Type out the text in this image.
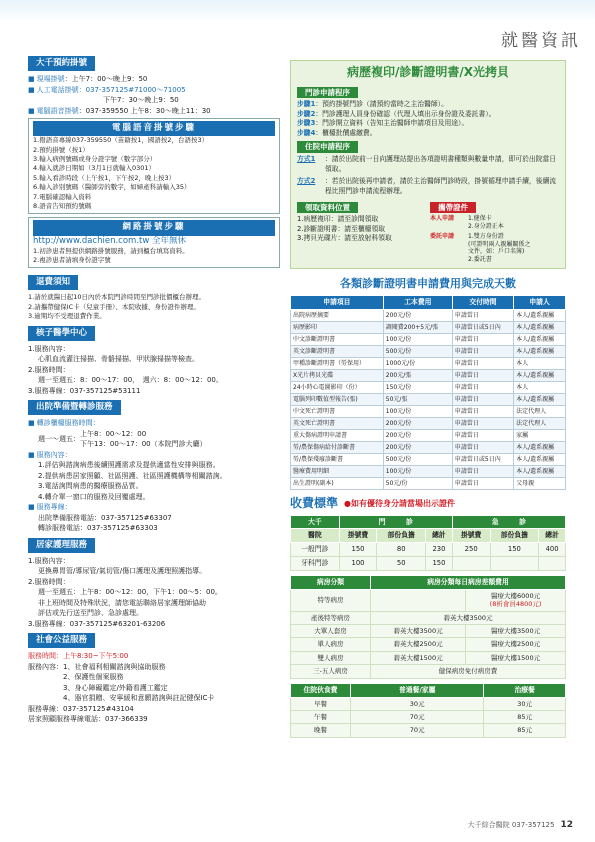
就醫資訊
大千預約掛號
■ 現場掛號：上午7：00～晚上9：50
■ 人工電話掛號：037-357125#71000～71005
下午7：30～晚上9：50
■ 電腦語音掛號：037-359550 上午8：30～晚上11：30
電腦語音掛號步驟
1.撥語音專線037-359550（苗籍按1，國語按2，台語按3）
2.預約掛號（按1）
3.輸入病例號碼或身分證字號（數字部分）
4.輸入就診日期如（3月1日就輸入0301）
5.輸入看診時段（上午按1，下午按2，晚上按3）
6.輸入診別號碼（醫師旁的數字，如婦產科請輸入35）
7.電腦確認輸入資料
8.語音告知預約號碼
網路掛號步驟
http://www.dachien.com.tw 全年無休
1.初診患者無提供網路掛號服務，請到櫃台填寫資料。
2.複診患者請填身份證字號
退費須知
1.請於就醫日起10日內於本院門診時間至門診批價櫃台辦理。
2.請攜帶健保IC卡（兒童手冊）、本院收據、身份證件辦理。
3.逾期均不受理退費作業。
核子醫學中心
1.服務內容：
心肌血流灌注掃描、骨骼掃描、甲狀腺掃描等檢查。
2.服務時間：
週一至週五：8：00～17：00，　週六：8：00～12：00。
3.服務專線：037-357125#53111
出院準備暨轉診服務
■ 轉診櫃檯服務時間：
週一～週五：
上午8：00～12：00
下午13：00～17：00（本院門診大廳）
■ 服務內容：
1.評估與諮詢病患後續照護需求及提供適當性安排與服務。
2.提供病患居家照顧、社區照護、社區照護機構等相關諮詢。
3.電話詢問病患的醫療服務品質。
4.轉介單一窗口的服務及回覆處理。
■ 服務專線：
出院準備服務電話：037-357125#63307
轉診服務電話：037-357125#63303
居家護理服務
1.服務內容：
更換鼻胃管/導尿管/氣切管/傷口護理及護理照護指導。
2.服務時間：
週一至週五：上午8：00～12：00，下午1：00～5：00。
非上班時間及特殊狀況，請您電話聯絡居家護理師協助
評估或先行送至門診、急診處理。
3.服務專線：037-357125#63201-63206
社會公益服務
服務時間：上午8:30~下午5:00
服務內容： 1、社會福利相關諮詢與協助服務
2、保護性個案服務
3、身心障礙鑑定/外籍看護工鑑定
4、器官捐贈、安寧緩和意願諮詢與註記健保IC卡
服務專線：037-357125#43104
居家照顧服務專線電話：037-366339
病歷複印/診斷證明書/X光拷貝
門診申請程序
步驟1：預約掛號門診（請預約當時之主治醫師）。
步驟2：門診護理人員身份確認（代理人填出示身份證及委託書）。
步驟3：門診開立資料（告知主治醫師申請項目及用途）。
步驟4：櫃檯批價處繳費。
住院申請程序
方式1	：請於出院前一日向護理站提出各項證明書種類與數量申請，即可於出院當日領取。
方式2	：若於出院後再申請者，請於主治醫師門診時段，掛號循理申請手續，後續流程比照門診申請流程辦理。
領取資料位置
1.病歷複印：請至診間領取
2.診斷證明書：請至櫃檯領取
3.拷貝光碟片：請至放射科領取
攜帶證件
本人申請	1.健保卡
2.身分證正本
委託申請	1.雙方身份證
(可證明兩人親屬關係之
文件，如：戶口名簿)
2.委託書
各類診斷證明書申請費用與完成天數
申請項目	工本費用	交付時間	申請人
出院病歷摘要	200元/份	申請當日	本人/遺系親屬
病歷影印	調閱費200+5元/張	申請當日或5日內	本人/遺系親屬
中文診斷證明書	100元/份	申請當日	本人/遺系親屬
英文診斷證明書	500元/份	申請當日	本人/遺系親屬
甲種診斷證明書（勞保用）	1000元/份	申請當日	本人
X光片拷貝光碟	200元/張	申請當日	本人/遺系親屬
24小時心電圖影印（份）	150元/份	申請當日	本人
電腦列印數值型報告(張)	50元/張	申請當日	本人/遺系親屬
中文死亡證明書	100元/份	申請當日	法定代理人
英文死亡證明書	200元/份	申請當日	法定代理人
重大傷病證明申請書	200元/份	申請當日	家屬
勞/農保傷病給付診斷書	200元/份	申請當日	本人/遺系親屬
勞/農保殘廢診斷書	500元/份	申請當日或5日內	本人/遺系親屬
醫療費用明細	100元/份	申請當日	本人/遺系親屬
出生證明(副本)	50元/份	申請當日	父母親
收費標準 ●如有優待身分請當場出示證件
大千	門　　　 診			急　　　 診		
醫院	掛號費	部份負擔	總計	掛號費	部份負擔	總計
一般門診	150	80	230	250	150	400
牙科門診	100	50	150			
病房分類	病房分類每日病房差額費用	
特等病房		醫療大樓6000元
(8析會員4800元)

產後特等病房	碧英大樓3500元	
大單人套房	碧英大樓3500元	醫療大樓3500元

單人病房	碧英大樓2500元	醫療大樓2500元

雙人病房	碧英大樓1500元	醫療大樓1500元

三-五人病房	健保病房免付病房費	
住院伙食費	普通餐/家屬	治療餐
早餐	30元	30元
午餐	70元	85元
晚餐	70元	85元
大千綜合醫院 037-357125 12
